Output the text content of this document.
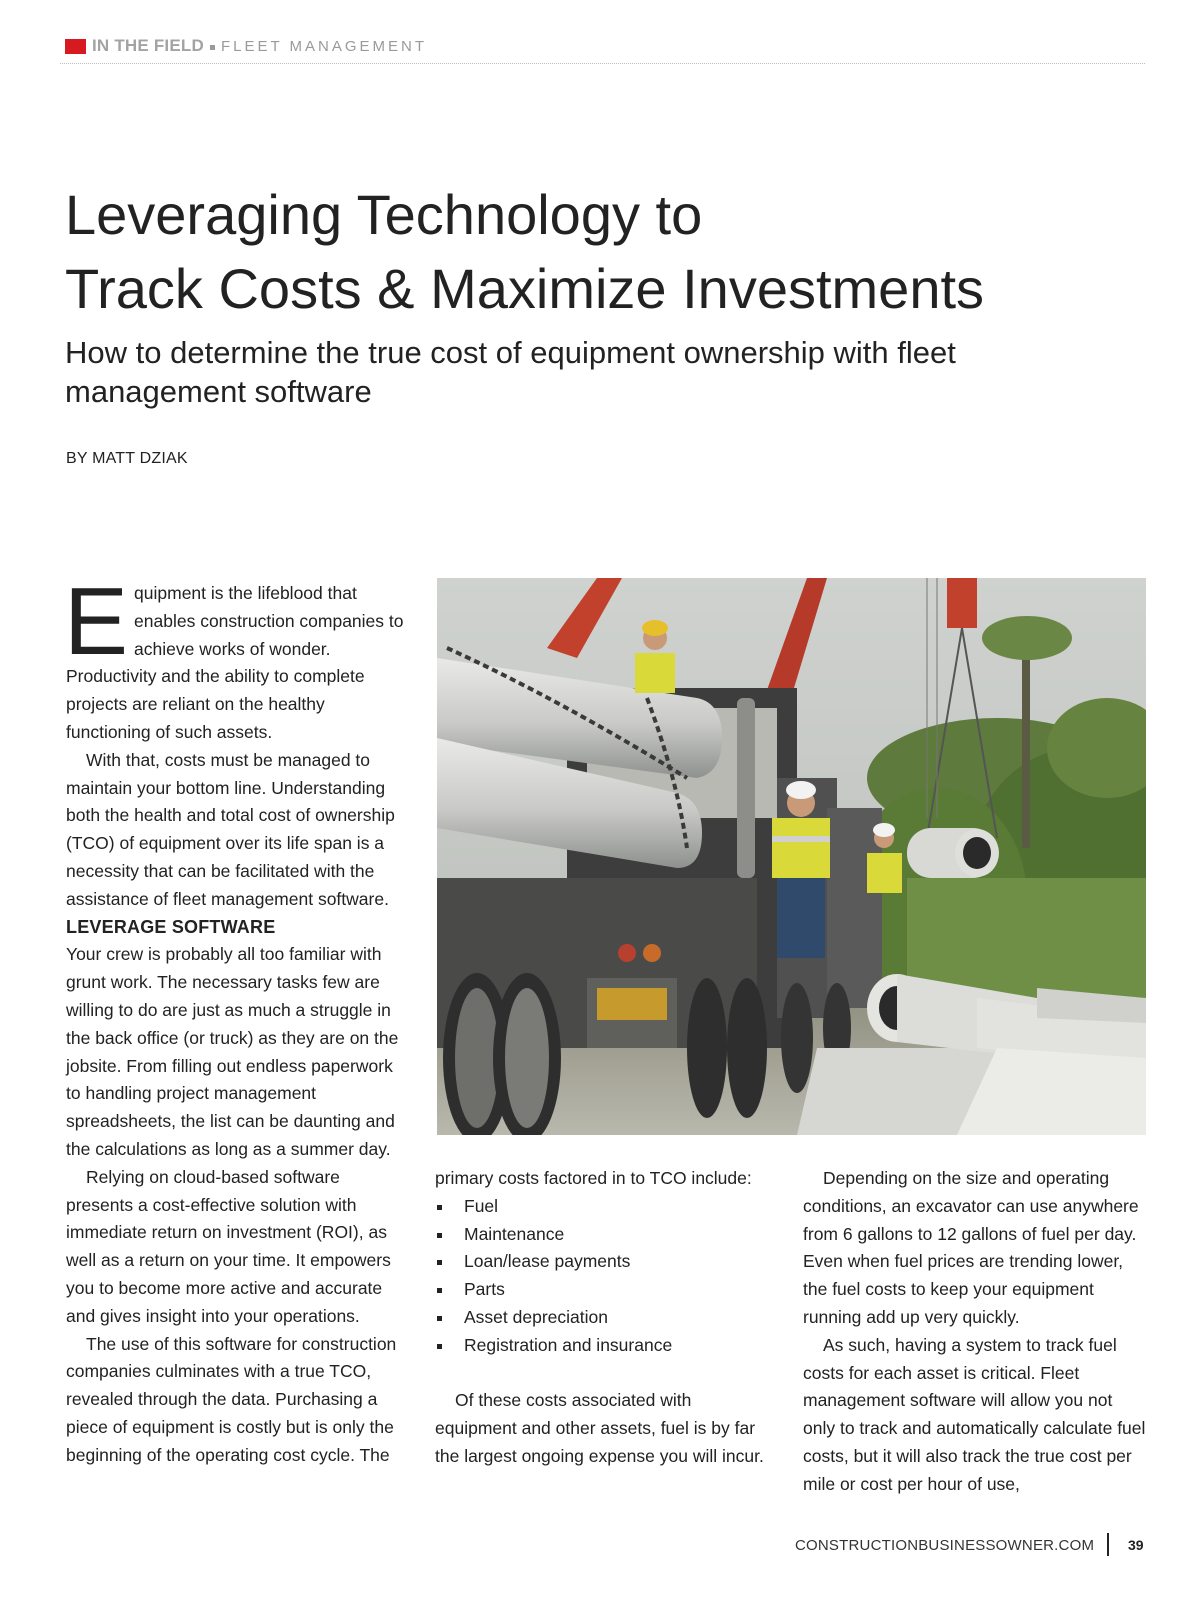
IN THE FIELD FLEET MANAGEMENT
Leveraging Technology to
Track Costs & Maximize Investments
How to determine the true cost of equipment ownership with fleet management software
BY MATT DZIAK

Equipment is the lifeblood that enables construction companies to achieve works of wonder. Productivity and the ability to complete projects are reliant on the healthy functioning of such assets.

With that, costs must be managed to maintain your bottom line. Understanding both the health and total cost of ownership (TCO) of equipment over its life span is a necessity that can be facilitated with the assistance of fleet management software.

LEVERAGE SOFTWARE

Your crew is probably all too familiar with grunt work. The necessary tasks few are willing to do are just as much a struggle in the back office (or truck) as they are on the jobsite. From filling out endless paperwork to handling project management spreadsheets, the list can be daunting and the calculations as long as a summer day.

Relying on cloud-based software presents a cost-effective solution with immediate return on investment (ROI), as well as a return on your time. It empowers you to become more active and accurate and gives insight into your operations.

The use of this software for construction companies culminates with a true TCO, revealed through the data. Purchasing a piece of equipment is costly but is only the beginning of the operating cost cycle. The

primary costs factored in to TCO include:

Fuel
Maintenance
Loan/lease payments
Parts
Asset depreciation
Registration and insurance

Of these costs associated with equipment and other assets, fuel is by far the largest ongoing expense you will incur.

Depending on the size and operating conditions, an excavator can use anywhere from 6 gallons to 12 gallons of fuel per day. Even when fuel prices are trending lower, the fuel costs to keep your equipment running add up very quickly.

As such, having a system to track fuel costs for each asset is critical. Fleet management software will allow you not only to track and automatically calculate fuel costs, but it will also track the true cost per mile or cost per hour of use,

CONSTRUCTIONBUSINESSOWNER.COM 39
